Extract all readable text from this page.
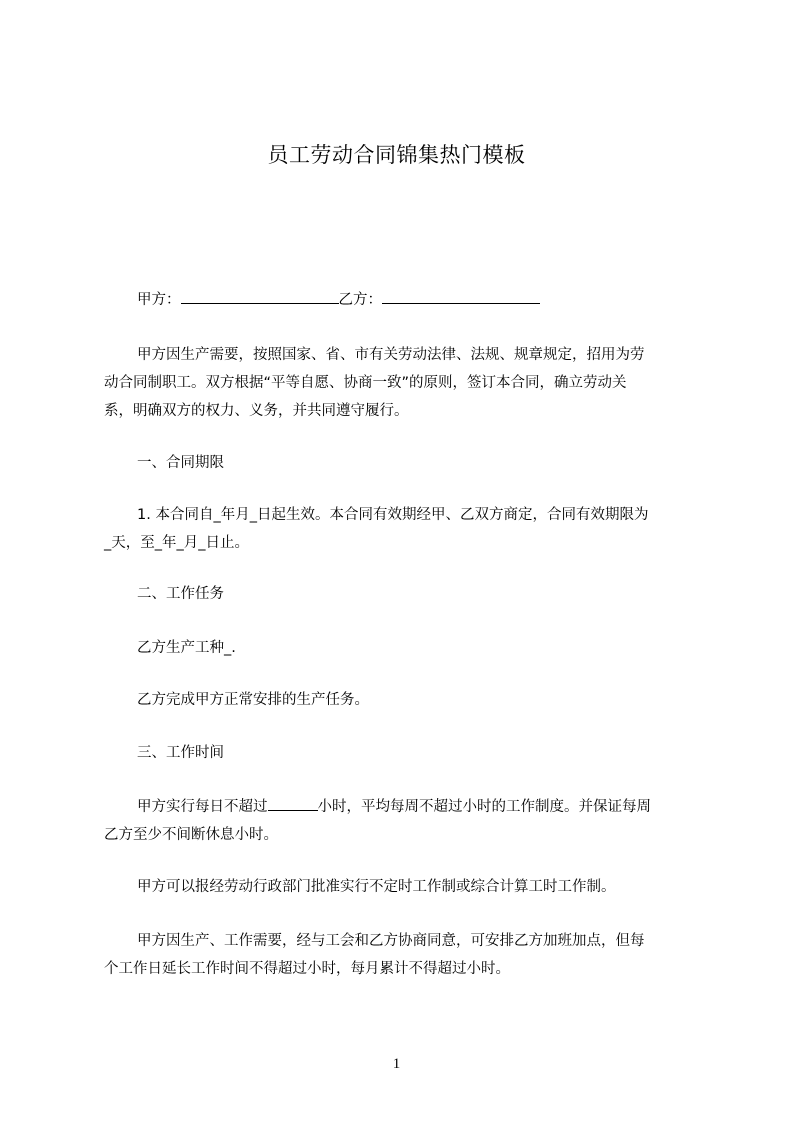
员工劳动合同锦集热门模板
甲方：	乙方：
甲方因生产需要，按照国家、省、市有关劳动法律、法规、规章规定，招用为劳
动合同制职工。双方根据“平等自愿、协商一致”的原则，签订本合同，确立劳动关
系，明确双方的权力、义务，并共同遵守履行。
一、合同期限
1. 本合同自_年月_日起生效。本合同有效期经甲、乙双方商定，合同有效期限为
_天，至_年_月_日止。
二、工作任务
乙方生产工种_.
乙方完成甲方正常安排的生产任务。
三、工作时间
甲方实行每日不超过	小时，平均每周不超过小时的工作制度。并保证每周
乙方至少不间断休息小时。
甲方可以报经劳动行政部门批准实行不定时工作制或综合计算工时工作制。
甲方因生产、工作需要，经与工会和乙方协商同意，可安排乙方加班加点，但每
个工作日延长工作时间不得超过小时，每月累计不得超过小时。
1
